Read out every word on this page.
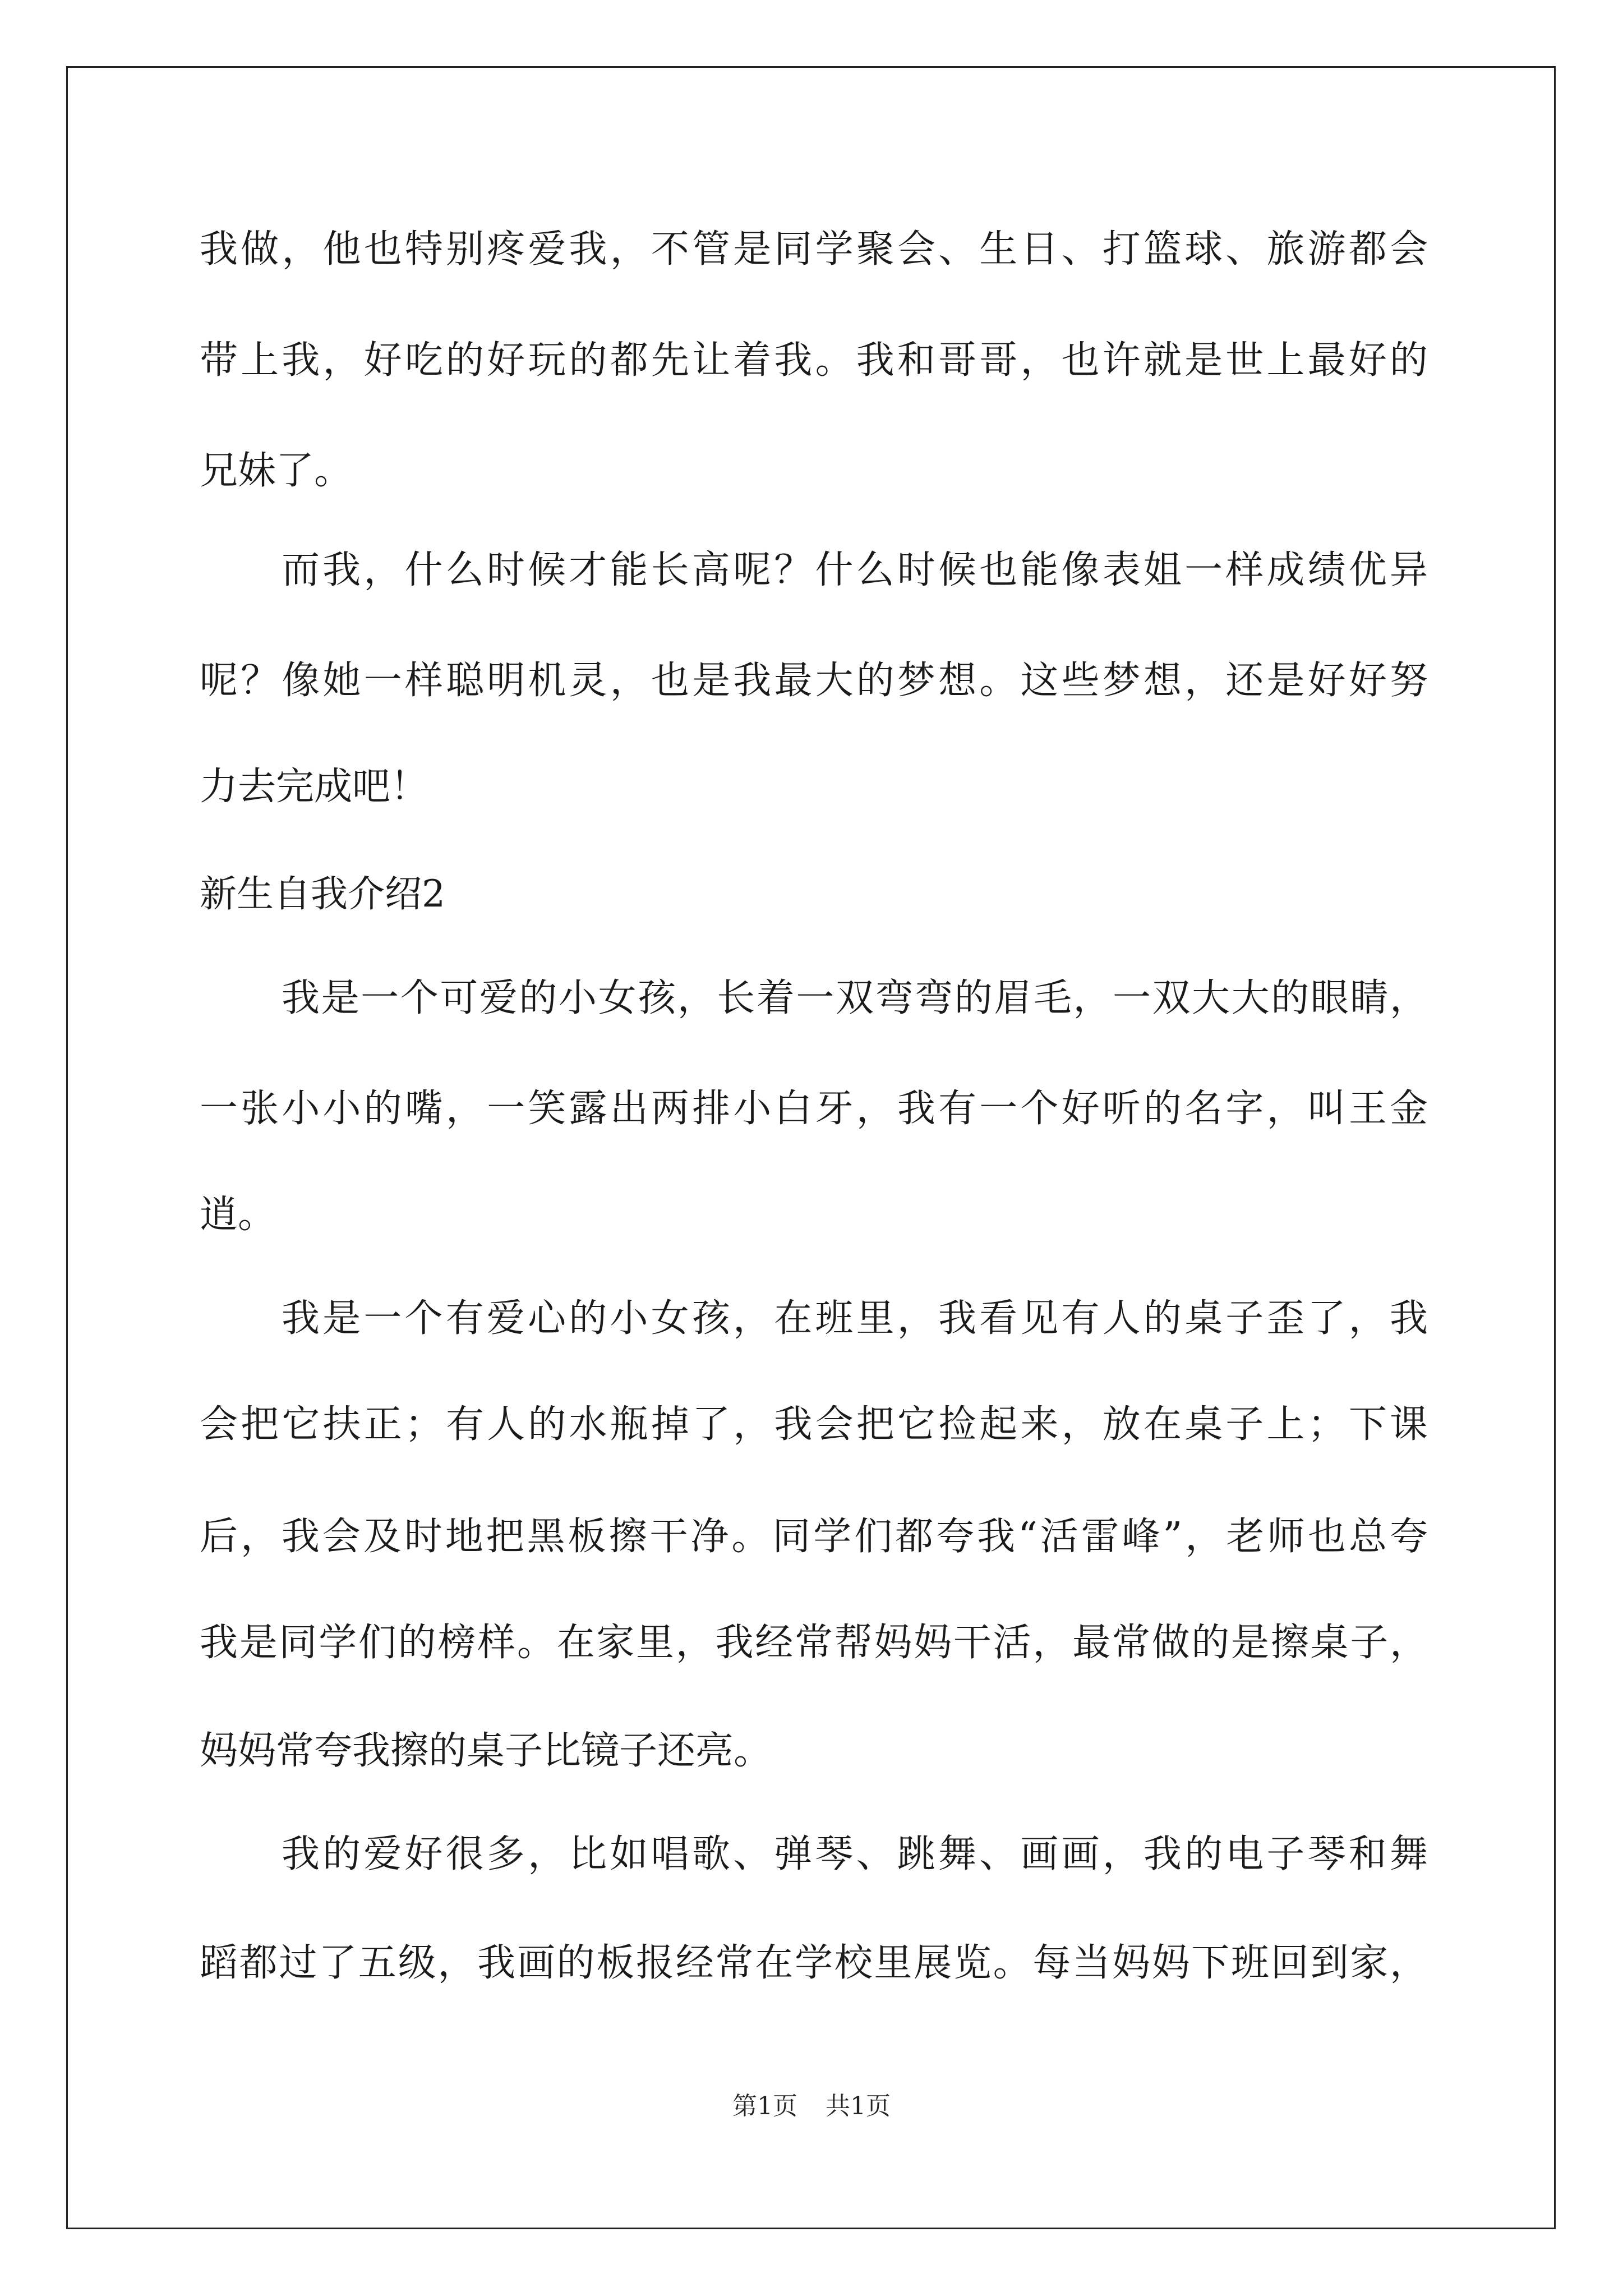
我做，他也特别疼爱我，不管是同学聚会、生日、打篮球、旅游都会
带上我，好吃的好玩的都先让着我。我和哥哥，也许就是世上最好的
兄妹了。
而我，什么时候才能长高呢？什么时候也能像表姐一样成绩优异
呢？像她一样聪明机灵，也是我最大的梦想。这些梦想，还是好好努
力去完成吧！
新生自我介绍2
我是一个可爱的小女孩，长着一双弯弯的眉毛，一双大大的眼睛，
一张小小的嘴，一笑露出两排小白牙，我有一个好听的名字，叫王金
逍。
我是一个有爱心的小女孩，在班里，我看见有人的桌子歪了，我
会把它扶正；有人的水瓶掉了，我会把它捡起来，放在桌子上；下课
后，我会及时地把黑板擦干净。同学们都夸我“活雷峰”，老师也总夸
我是同学们的榜样。在家里，我经常帮妈妈干活，最常做的是擦桌子，
妈妈常夸我擦的桌子比镜子还亮。
我的爱好很多，比如唱歌、弹琴、跳舞、画画，我的电子琴和舞
蹈都过了五级，我画的板报经常在学校里展览。每当妈妈下班回到家，
第1页 共1页
